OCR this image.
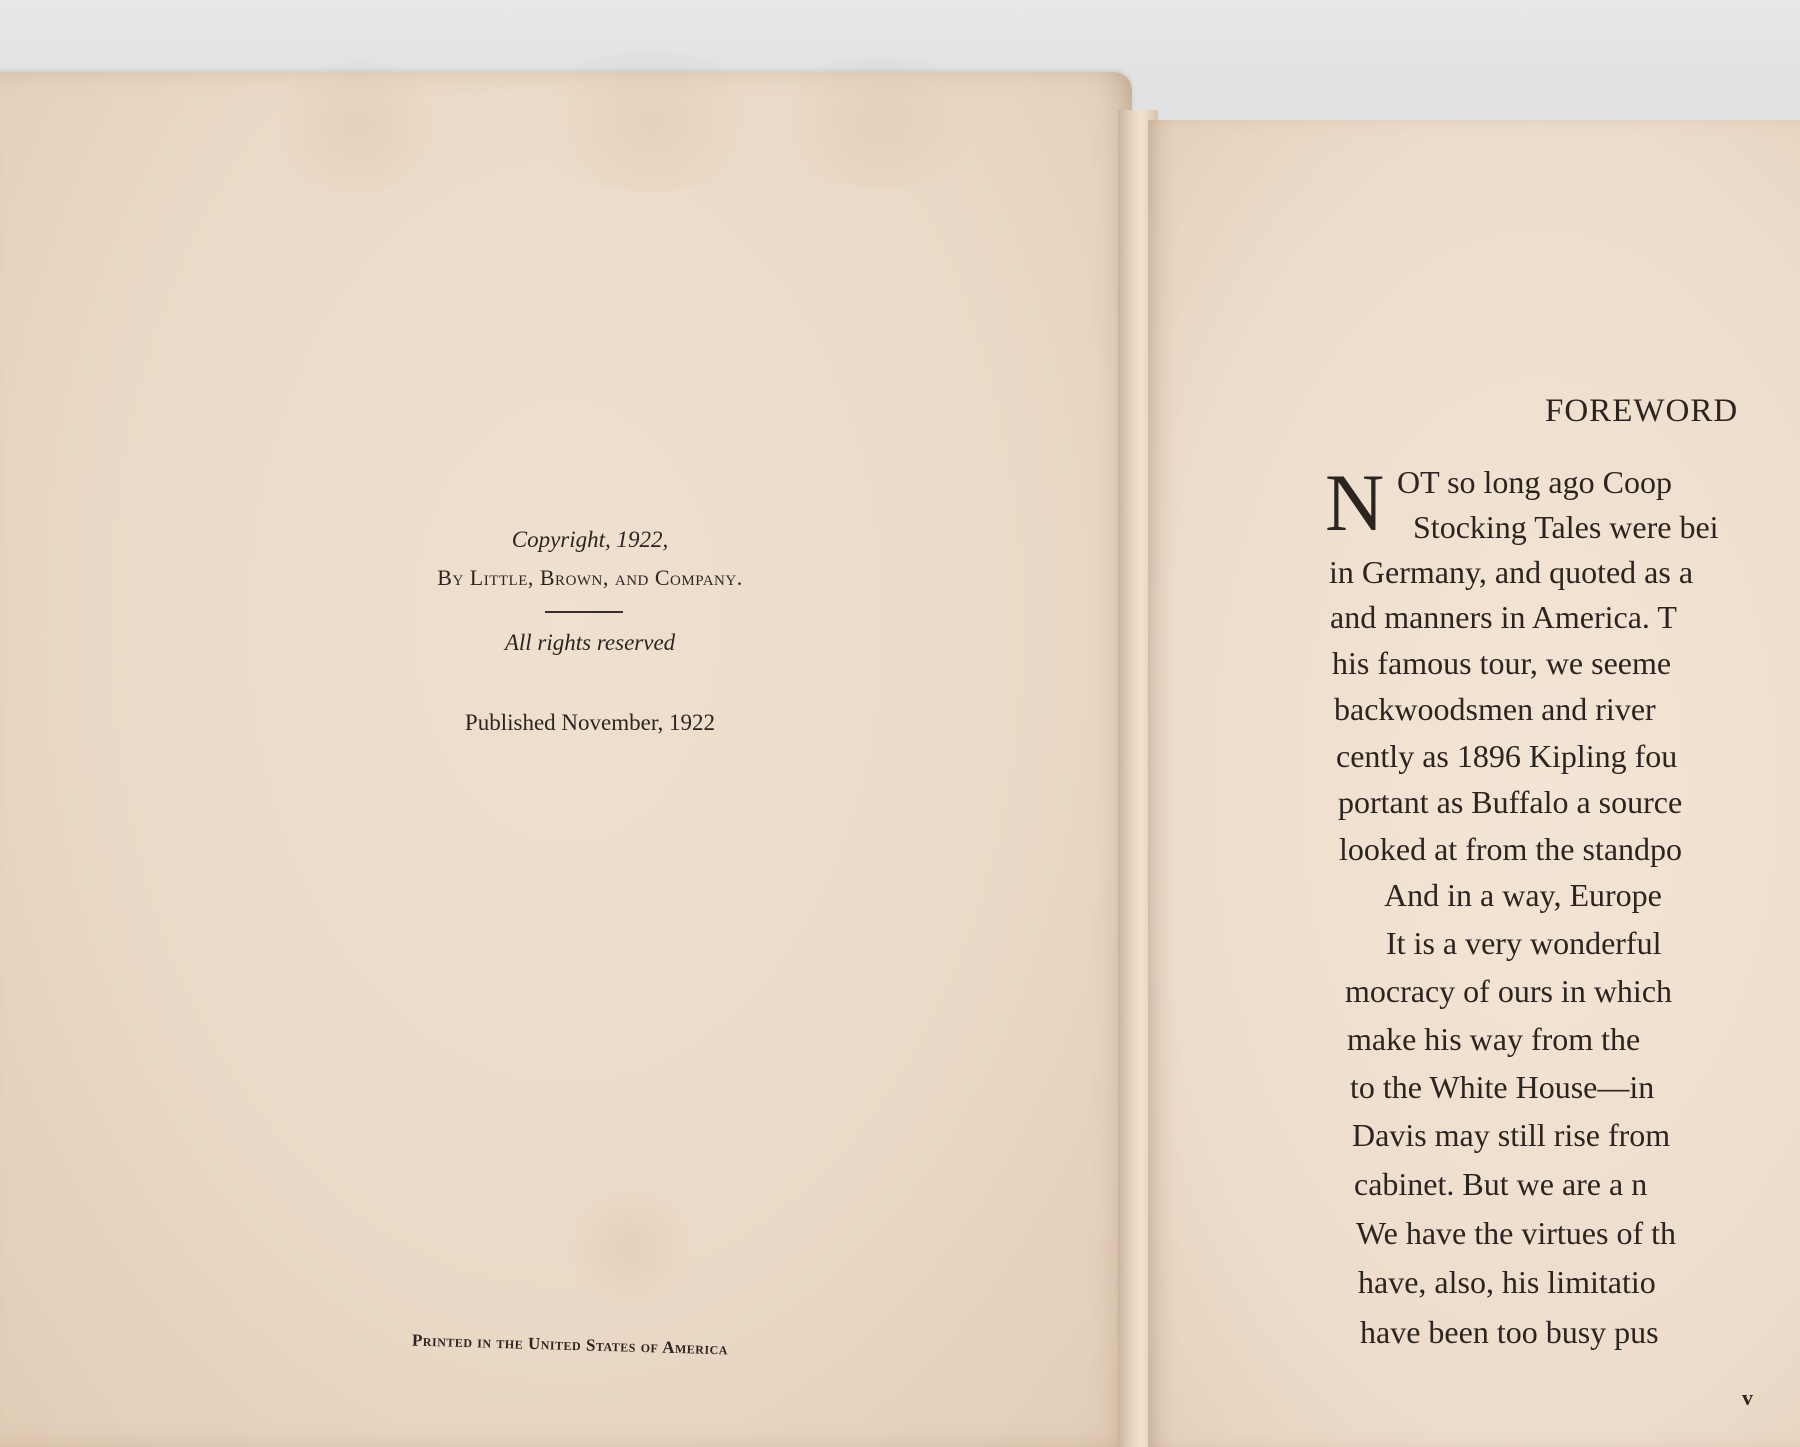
Copyright, 1922,
By Little, Brown, and Company.
All rights reserved
Published November, 1922
Printed in the United States of America
FOREWORD
N OT so long ago Coop
Stocking Tales were bei
in Germany, and quoted as a
and manners in America. T
his famous tour, we seeme
backwoodsmen and river
cently as 1896 Kipling fou
portant as Buffalo a source
looked at from the standpo
And in a way, Europe
It is a very wonderful
mocracy of ours in which
make his way from the
to the White House—in
Davis may still rise from
cabinet. But we are a n
We have the virtues of th
have, also, his limitatio
have been too busy pus
v
